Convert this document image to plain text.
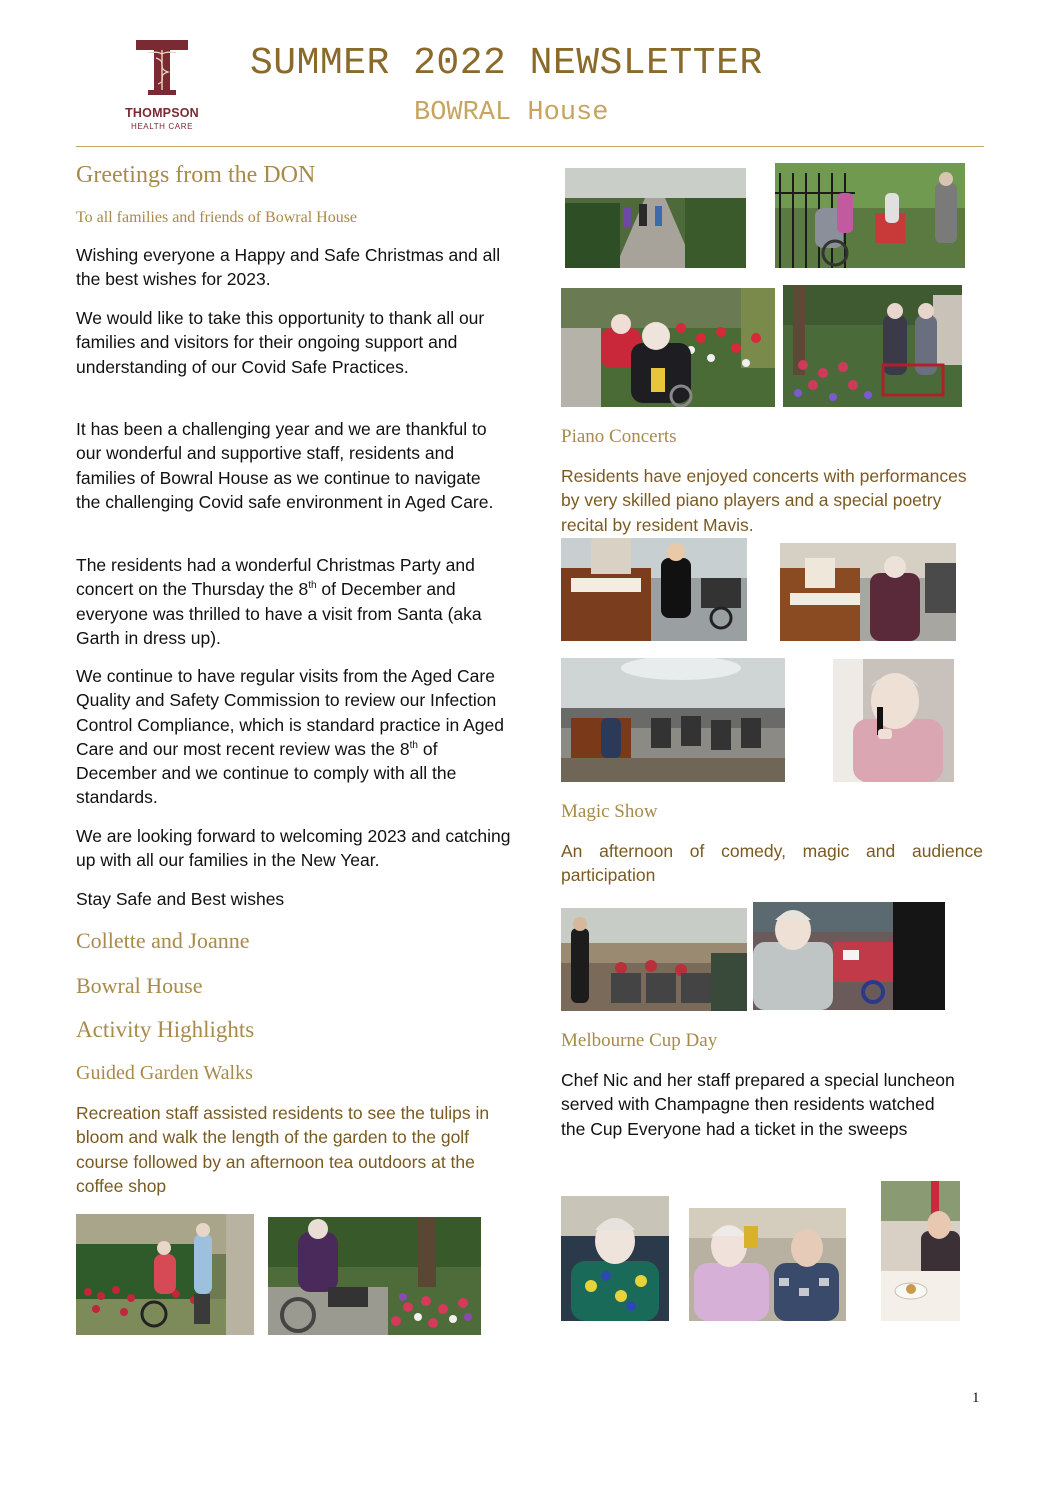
THOMPSON
HEALTH CARE
SUMMER 2022 NEWSLETTER
BOWRAL House
Greetings from the DON
To all families and friends of Bowral House
Wishing everyone a Happy and Safe Christmas and all the best wishes for 2023.
We would like to take this opportunity to thank all our families and visitors for their ongoing support and understanding of our Covid Safe Practices.
It has been a challenging year and we are thankful to our wonderful and supportive staff, residents and families of Bowral House as we continue to navigate the challenging Covid safe environment in Aged Care.
The residents had a wonderful Christmas Party and concert on the Thursday the 8th of December and everyone was thrilled to have a visit from Santa (aka Garth in dress up).
We continue to have regular visits from the Aged Care Quality and Safety Commission to review our Infection Control Compliance, which is standard practice in Aged Care and our most recent review was the 8th of December and we continue to comply with all the standards.
We are looking forward to welcoming 2023 and catching up with all our families in the New Year.
Stay Safe and Best wishes
Collette and Joanne
Bowral House
Activity Highlights
Guided Garden Walks
Recreation staff assisted residents to see the tulips in bloom and walk the length of the garden to the golf course followed by an afternoon tea outdoors at the coffee shop
Piano Concerts
Residents have enjoyed concerts with performances by very skilled piano players and a special poetry recital by resident Mavis.
Magic Show
An afternoon of comedy, magic and audience participation
Melbourne Cup Day
Chef Nic and her staff prepared a special luncheon served with Champagne then residents watched the Cup Everyone had a ticket in the sweeps
1
